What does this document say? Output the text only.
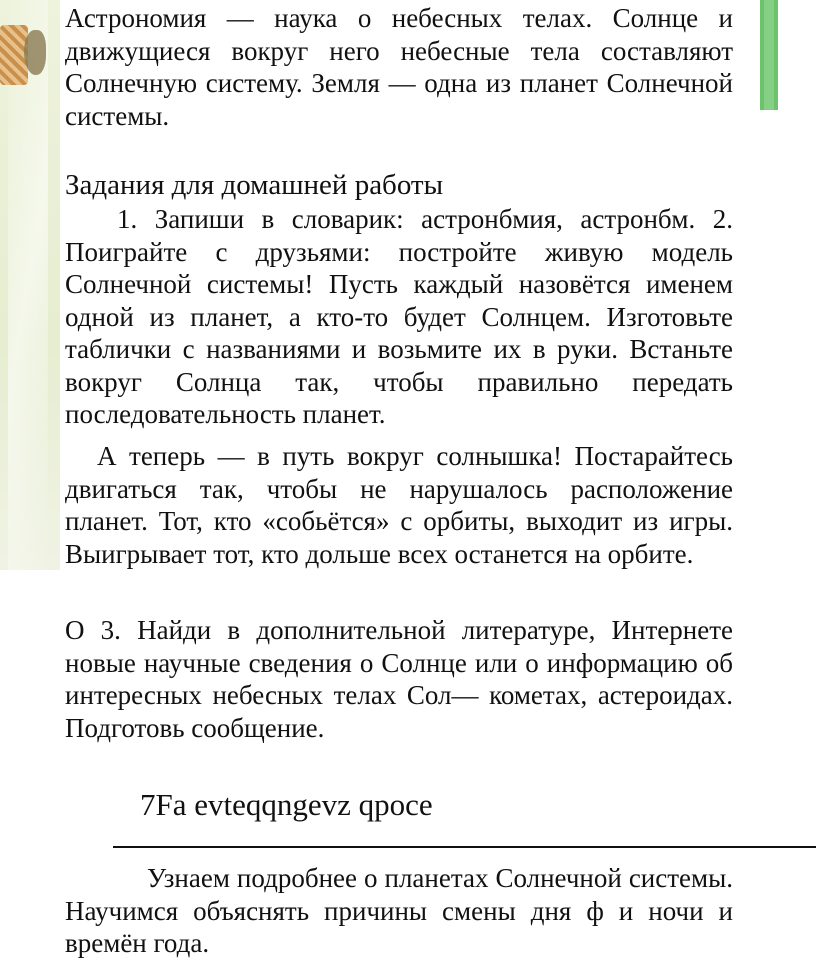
Астрономия — наука о небесных телах. Солнце и движущиеся вокруг него небесные тела составляют Солнечную систему. Земля — одна из планет Солнечной системы.
Задания для домашней работы
1. Запиши в словарик: астронбмия, астронбм. 2. Поиграйте с друзьями: постройте живую модель Солнечной системы! Пусть каждый назовётся именем одной из планет, а кто-то будет Солнцем. Изготовьте таблички с названиями и возьмите их в руки. Встаньте вокруг Солнца так, чтобы правильно передать последовательность планет.
А теперь — в путь вокруг солнышка! Постарайтесь двигаться так, чтобы не нарушалось расположение планет. Тот, кто «собьётся» с орбиты, выходит из игры. Выигрывает тот, кто дольше всех останется на орбите.
О 3. Найди в дополнительной литературе, Интернете новые научные сведения о Солнце или о информацию об интересных небесных телах Сол— кометах, астероидах. Подготовь сообщение.
7Fa evteqqngevz qpoce
Узнаем подробнее о планетах Солнечной системы. Научимся объяснять причины смены дня ф и ночи и времён года.
